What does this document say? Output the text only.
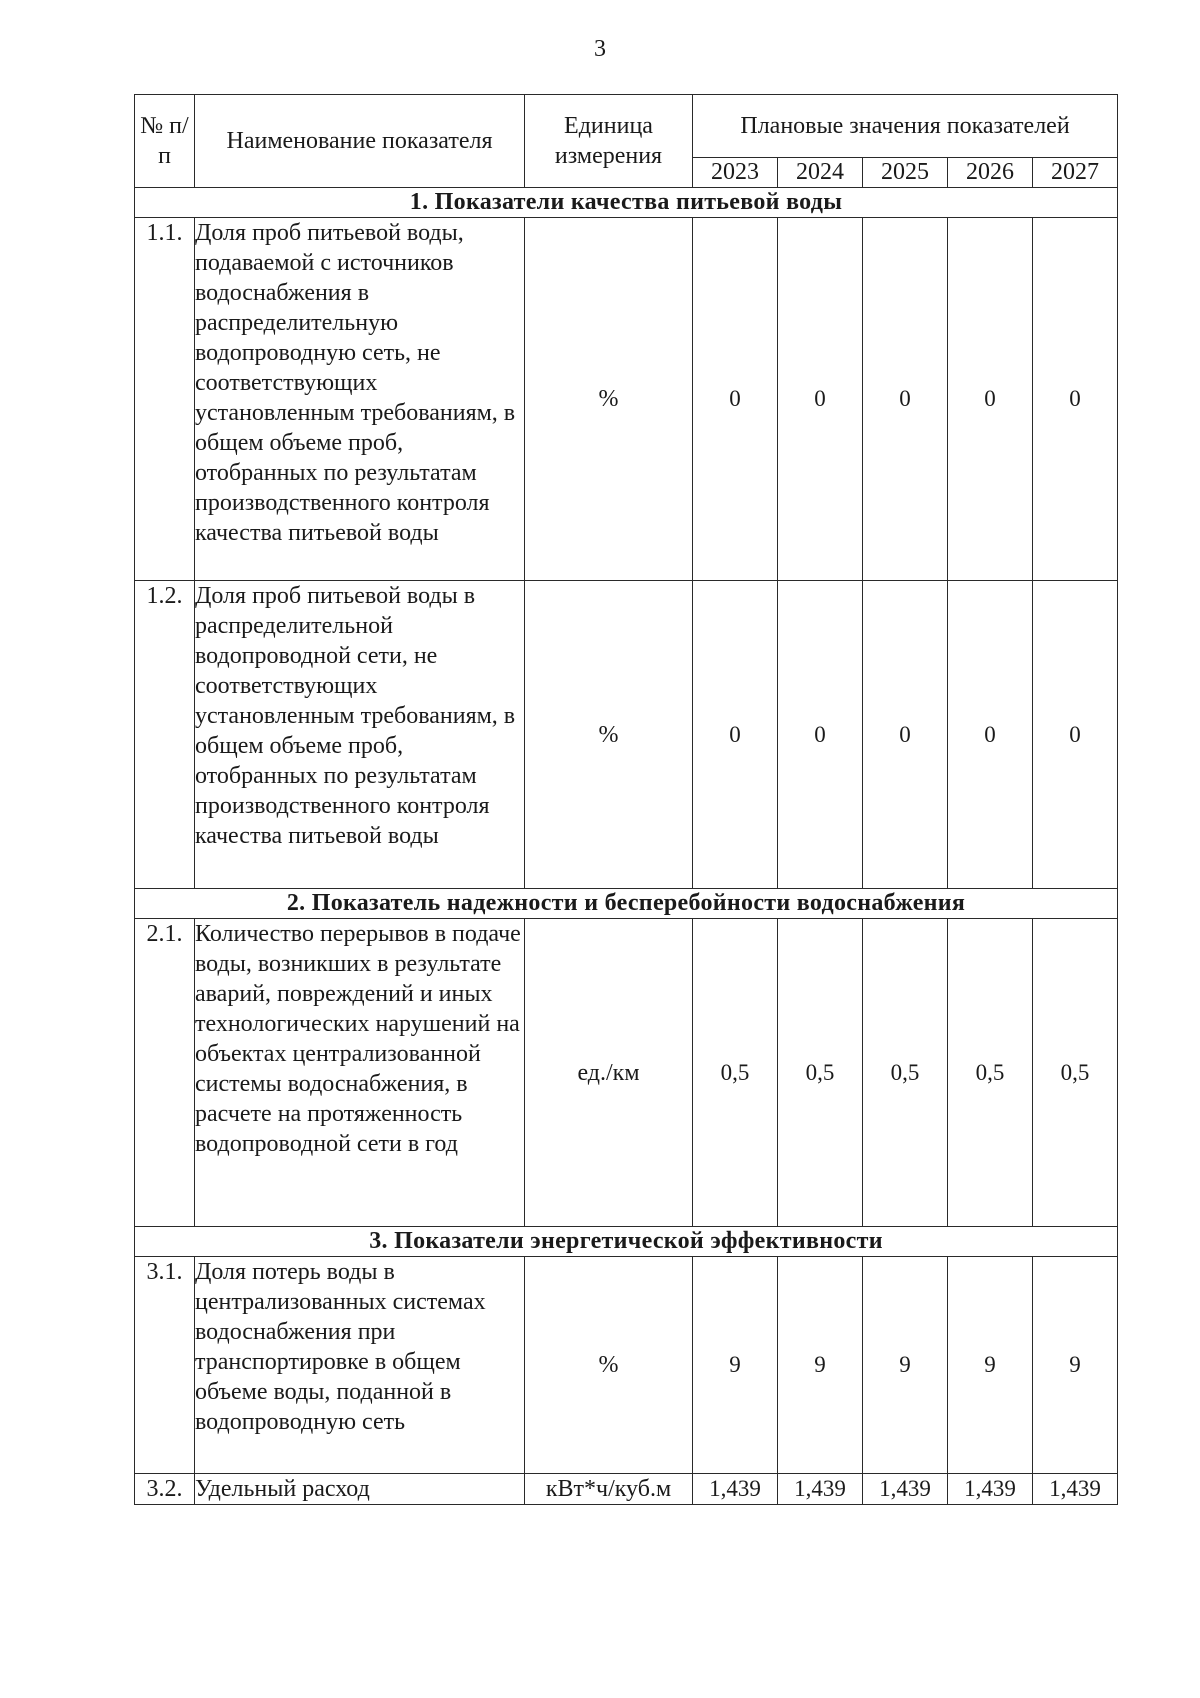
3
№ п/п	Наименование показателя	Единица измерения	Плановые значения показателей				
			2023	2024	2025	2026	2027
1. Показатели качества питьевой воды							
1.1.	Доля проб питьевой воды, подаваемой с источников водоснабжения в распределительную водопроводную сеть, не соответствующих установленным требованиям, в общем объеме проб, отобранных по результатам производственного контроля качества питьевой воды	%	0	0	0	0	0
1.2.	Доля проб питьевой воды в распределительной водопроводной сети, не соответствующих установленным требованиям, в общем объеме проб, отобранных по результатам производственного контроля качества питьевой воды	%	0	0	0	0	0
2. Показатель надежности и бесперебойности водоснабжения							
2.1.	Количество перерывов в подаче воды, возникших в результате аварий, повреждений и иных технологических нарушений на объектах централизованной системы водоснабжения, в расчете на протяженность водопроводной сети в год	ед./км	0,5	0,5	0,5	0,5	0,5
3. Показатели энергетической эффективности							
3.1.	Доля потерь воды в централизованных системах водоснабжения при транспортировке в общем объеме воды, поданной в водопроводную сеть	%	9	9	9	9	9
3.2.	Удельный расход	кВт*ч/куб.м	1,439	1,439	1,439	1,439	1,439
